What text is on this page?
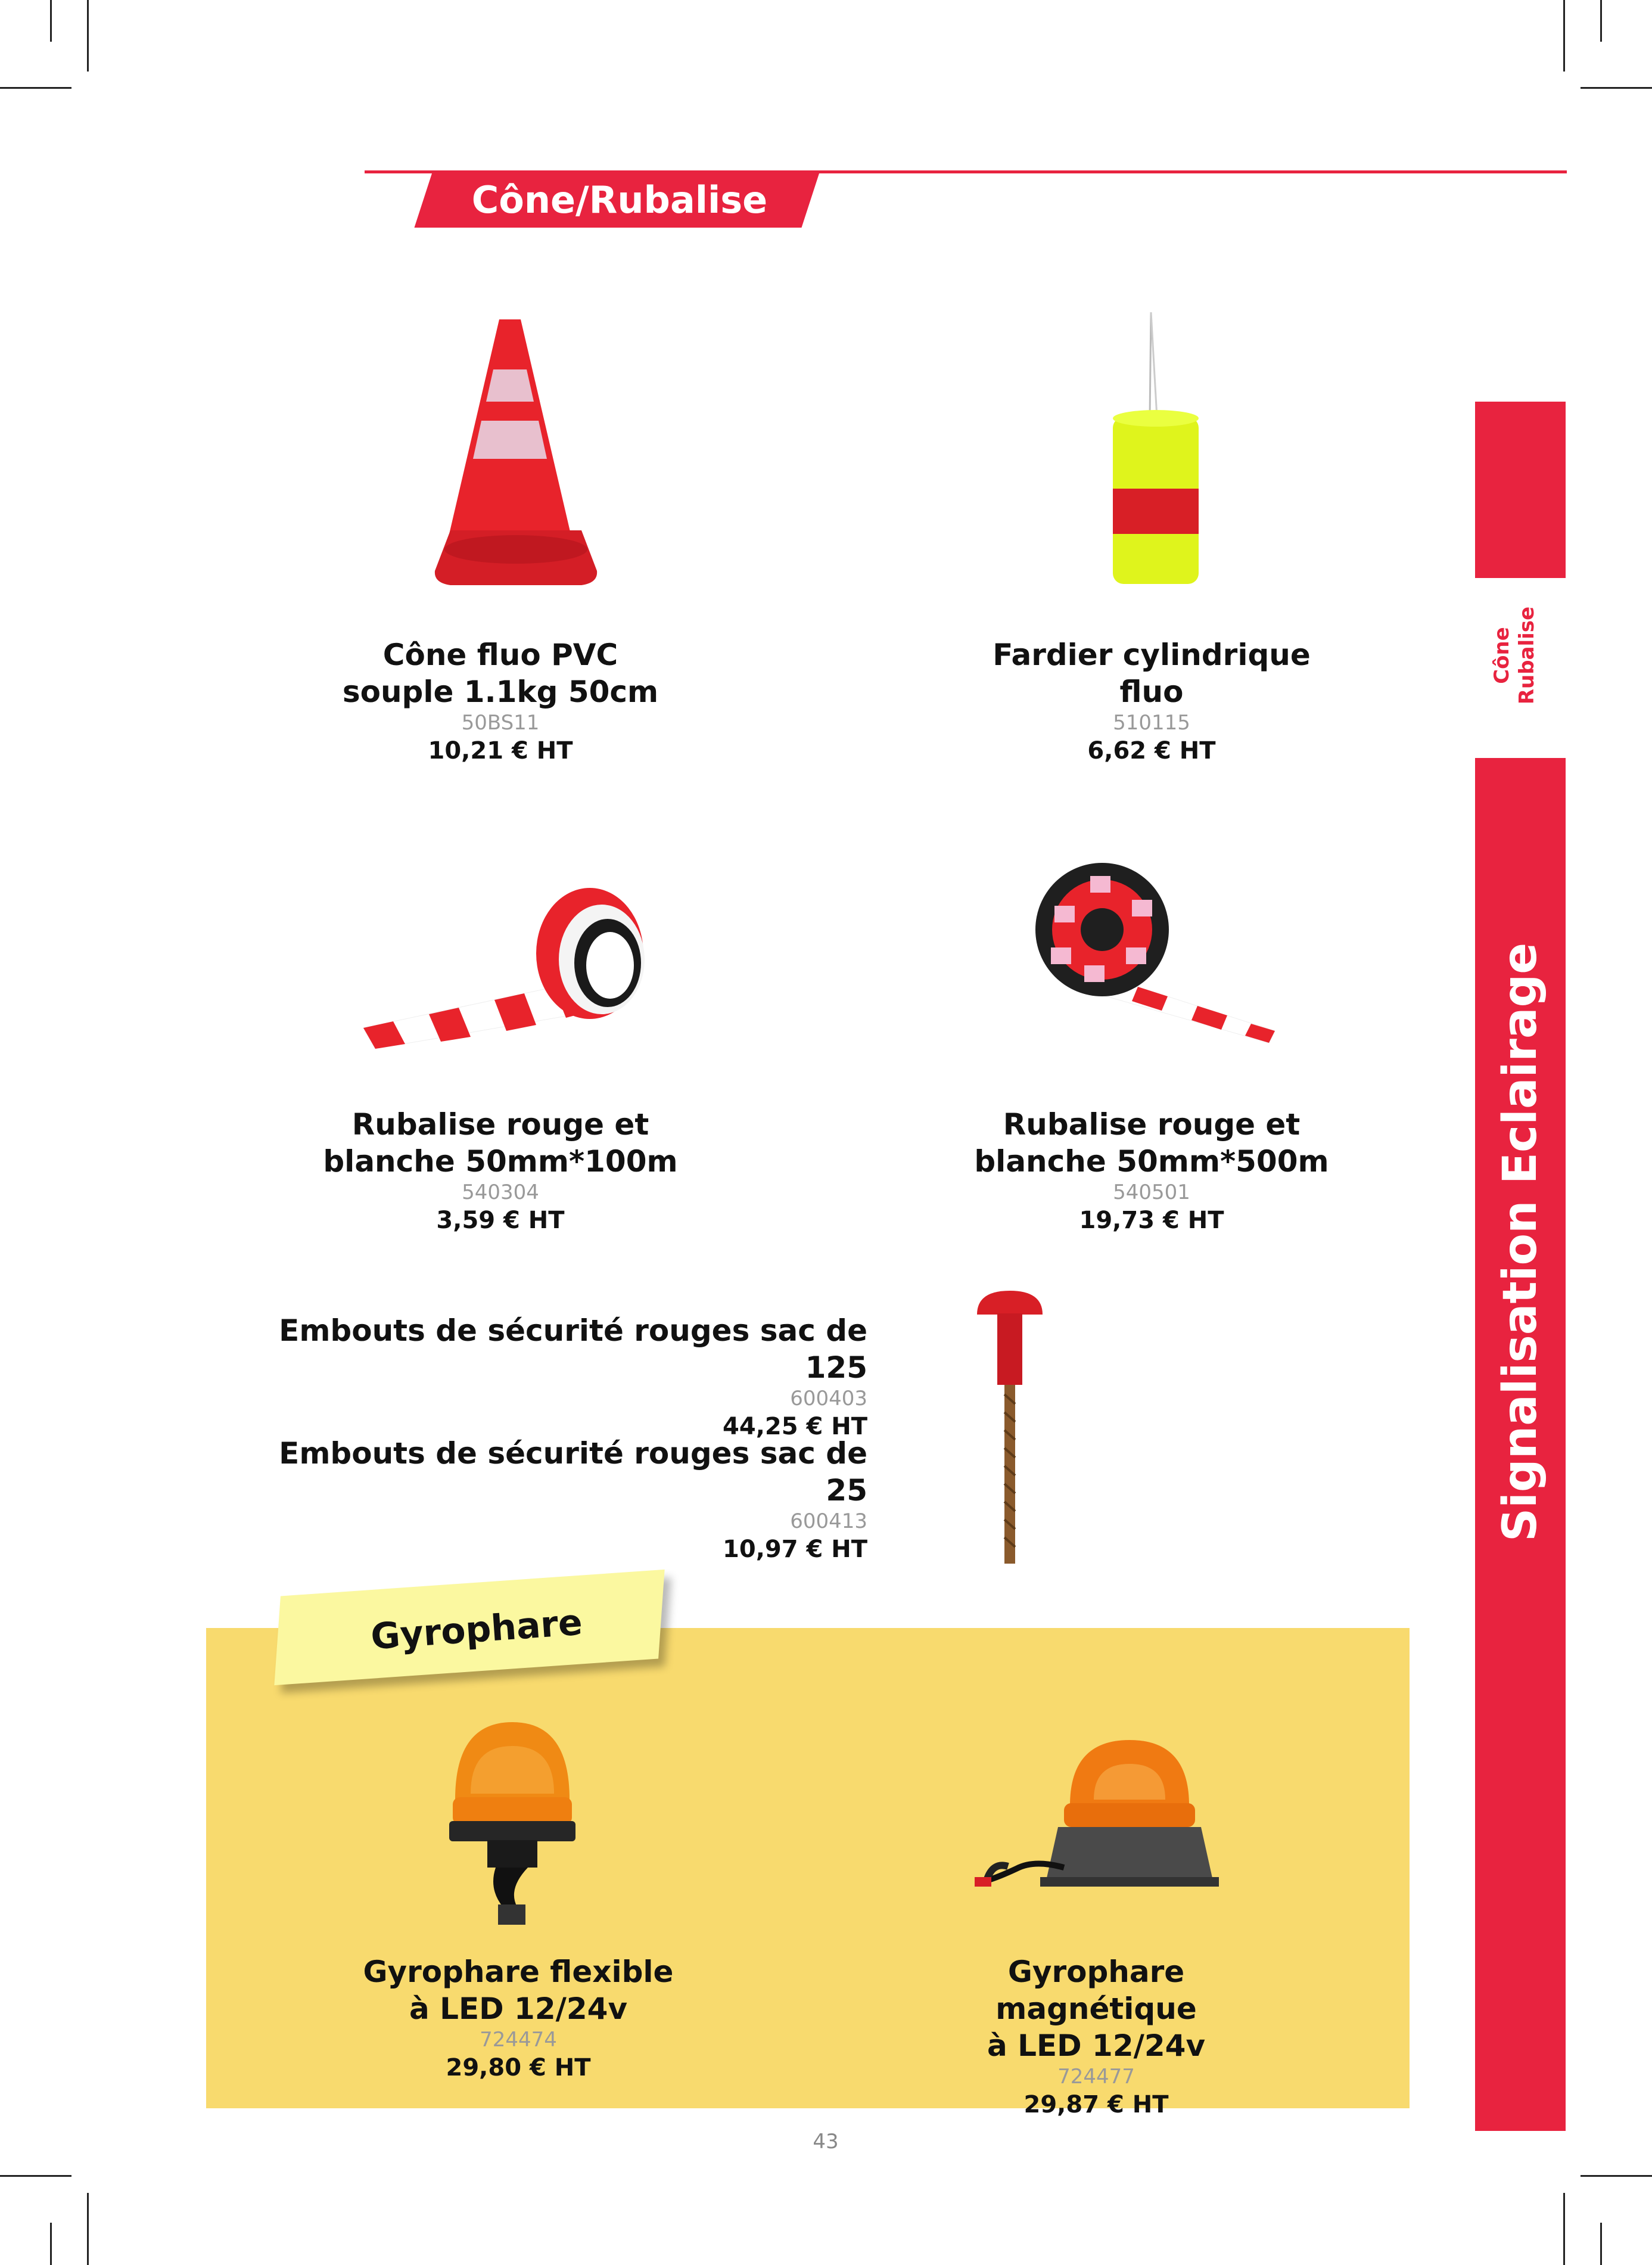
Cône/Rubalise
Cône Rubalise
Signalisation Eclairage

Cône fluo PVC

souple 1.1kg 50cm

50BS11

10,21 € HT

Fardier cylindrique

fluo

510115

6,62 € HT

Rubalise rouge et

blanche 50mm*100m

540304

3,59 € HT

Rubalise rouge et

blanche 50mm*500m

540501

19,73 € HT

Embouts de sécurité rouges sac de 125

600403

44,25 € HT

Embouts de sécurité rouges sac de 25

600413

10,97 € HT

Gyrophare

Gyrophare flexible

à LED 12/24v

724474

29,80 € HT

Gyrophare magnétique

à LED 12/24v

724477

29,87 € HT

43
